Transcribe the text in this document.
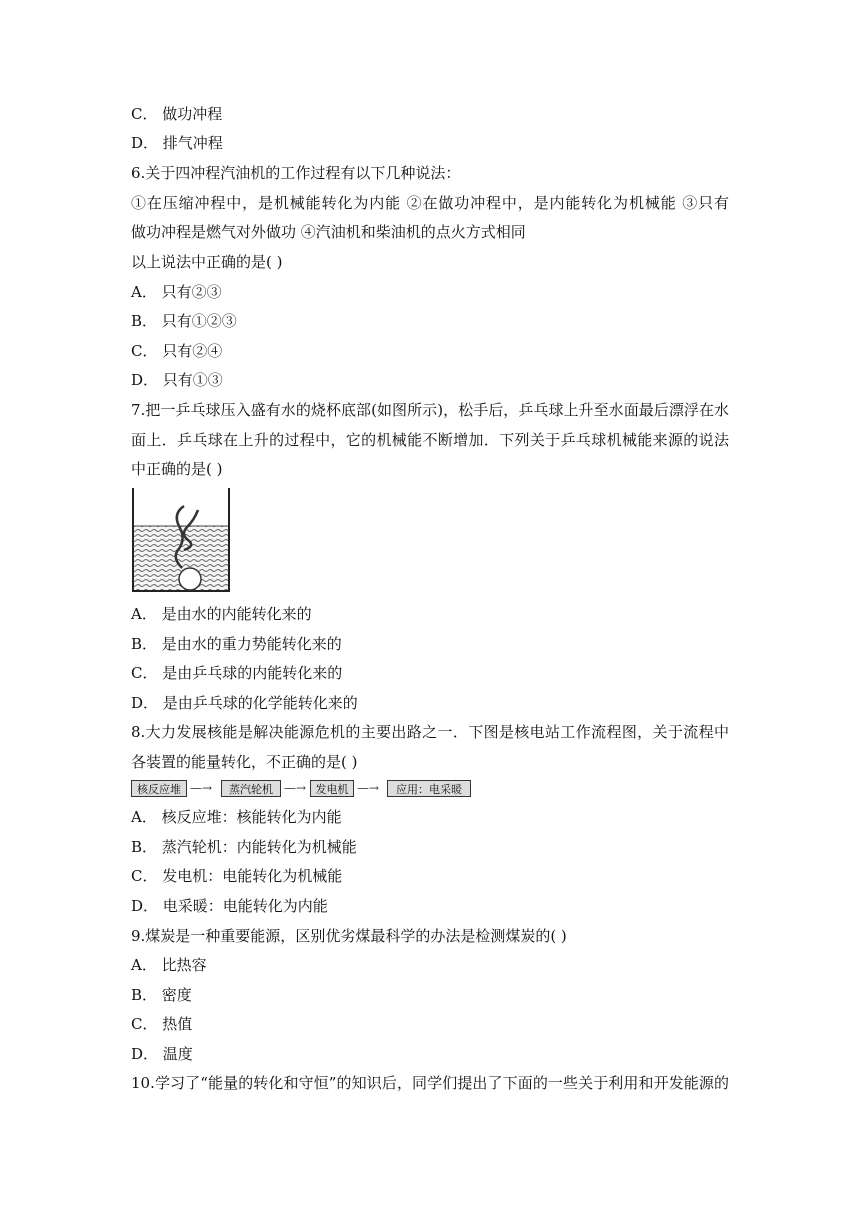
C． 做功冲程
D． 排气冲程
6.关于四冲程汽油机的工作过程有以下几种说法：
①在压缩冲程中，是机械能转化为内能 ②在做功冲程中，是内能转化为机械能 ③只有
做功冲程是燃气对外做功 ④汽油机和柴油机的点火方式相同
以上说法中正确的是( )
A． 只有②③
B． 只有①②③
C． 只有②④
D． 只有①③
7.把一乒乓球压入盛有水的烧杯底部(如图所示)，松手后，乒乓球上升至水面最后漂浮在水
面上．乒乓球在上升的过程中，它的机械能不断增加．下列关于乒乓球机械能来源的说法
中正确的是( )
A． 是由水的内能转化来的
B． 是由水的重力势能转化来的
C． 是由乒乓球的内能转化来的
D． 是由乒乓球的化学能转化来的
8.大力发展核能是解决能源危机的主要出路之一．下图是核电站工作流程图，关于流程中
各装置的能量转化，不正确的是( )
核反应堆 —→	蒸汽轮机 —→ 发电机 —→	应用：电采暖
A． 核反应堆：核能转化为内能
B． 蒸汽轮机：内能转化为机械能
C． 发电机：电能转化为机械能
D． 电采暖：电能转化为内能
9.煤炭是一种重要能源，区别优劣煤最科学的办法是检测煤炭的( )
A． 比热容
B． 密度
C． 热值
D． 温度
10.学习了“能量的转化和守恒”的知识后，同学们提出了下面的一些关于利用和开发能源的
